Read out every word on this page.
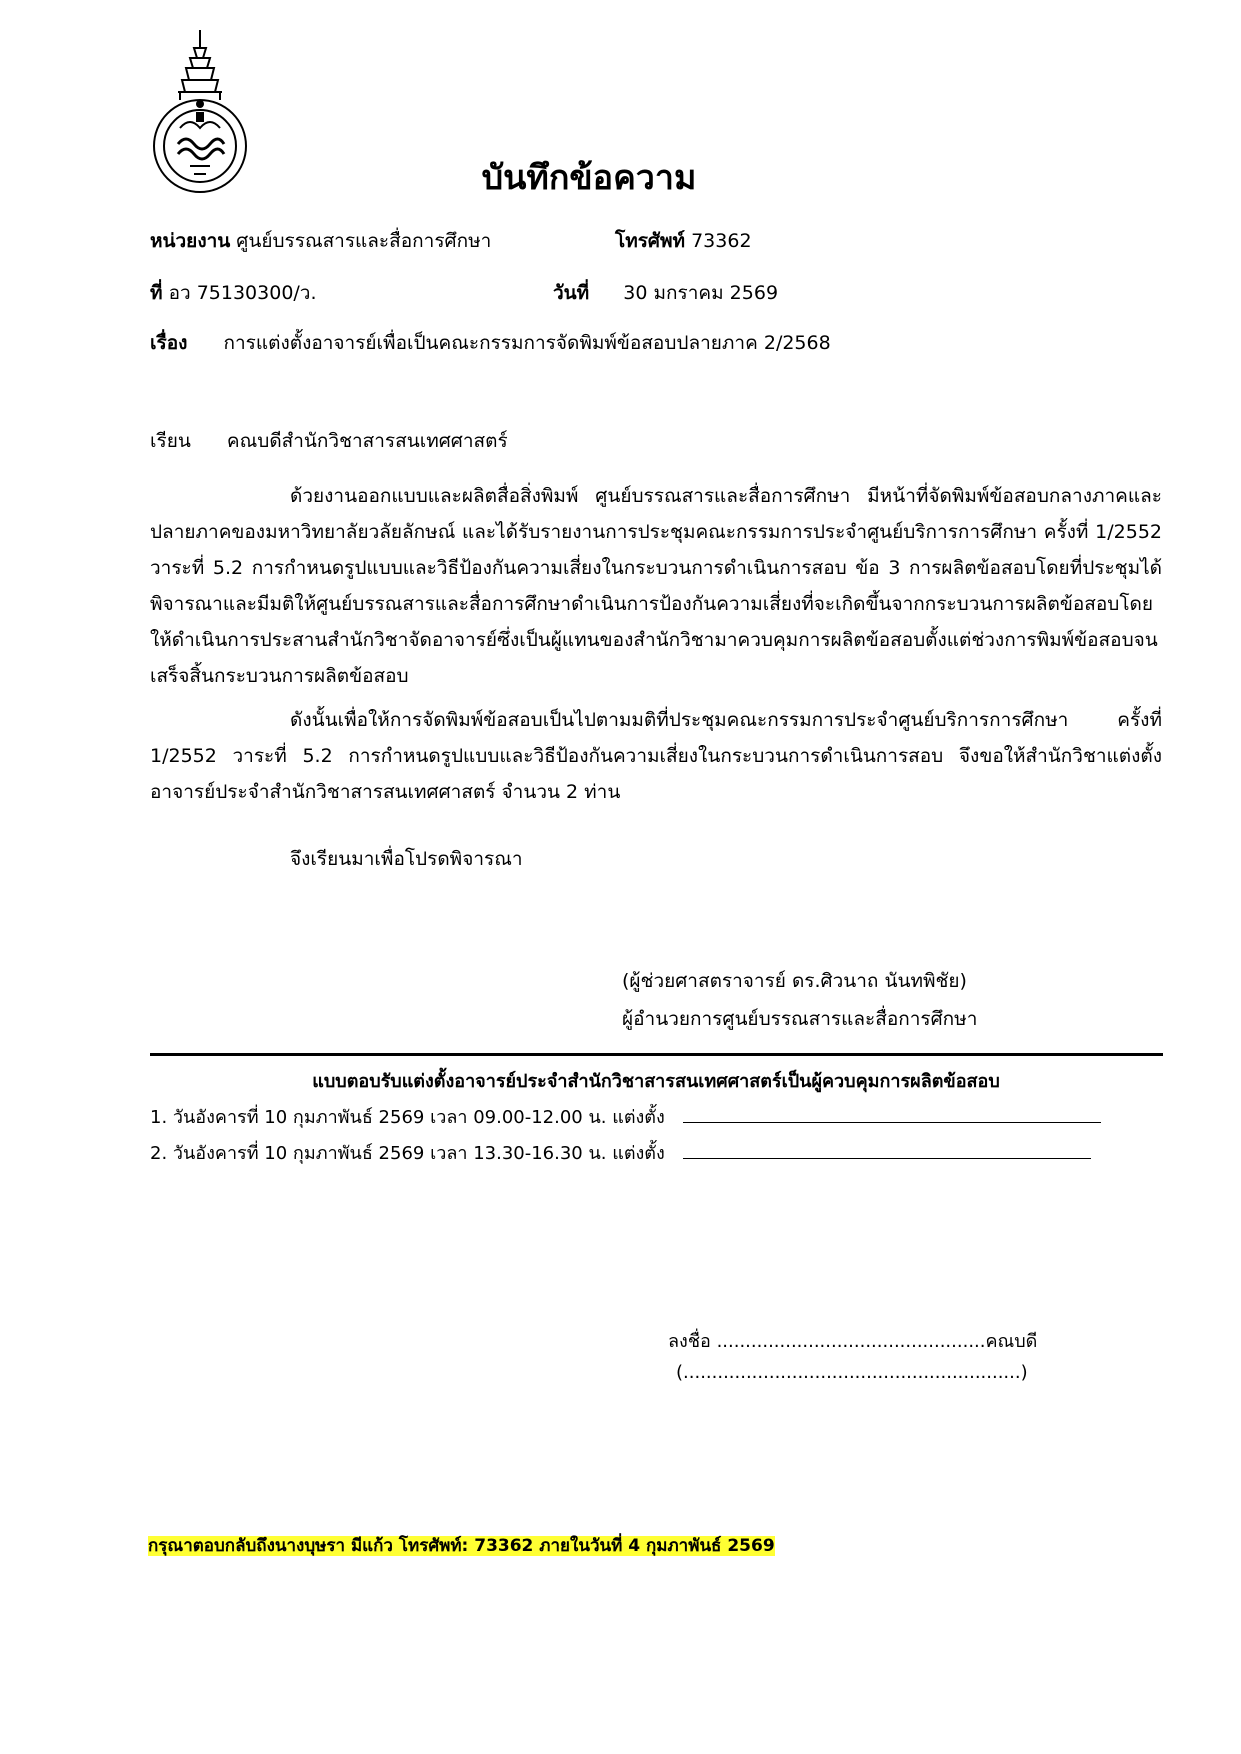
บันทึกข้อความ
หน่วยงาน ศูนย์บรรณสารและสื่อการศึกษา	โทรศัพท์ 73362
ที่ อว 75130300/ว.	วันที่ 30 มกราคม 2569
เรื่อง การแต่งตั้งอาจารย์เพื่อเป็นคณะกรรมการจัดพิมพ์ข้อสอบปลายภาค 2/2568
เรียน คณบดีสำนักวิชาสารสนเทศศาสตร์
ด้วยงานออกแบบและผลิตสื่อสิ่งพิมพ์ ศูนย์บรรณสารและสื่อการศึกษา มีหน้าที่จัดพิมพ์ข้อสอบกลางภาคและปลายภาคของมหาวิทยาลัยวลัยลักษณ์ และได้รับรายงานการประชุมคณะกรรมการประจำศูนย์บริการการศึกษา ครั้งที่ 1/2552 วาระที่ 5.2 การกำหนดรูปแบบและวิธีป้องกันความเสี่ยงในกระบวนการดำเนินการสอบ ข้อ 3 การผลิตข้อสอบโดยที่ประชุมได้พิจารณาและมีมติให้ศูนย์บรรณสารและสื่อการศึกษาดำเนินการป้องกันความเสี่ยงที่จะเกิดขึ้นจากกระบวนการผลิตข้อสอบโดยให้ดำเนินการประสานสำนักวิชาจัดอาจารย์ซึ่งเป็นผู้แทนของสำนักวิชามาควบคุมการผลิตข้อสอบตั้งแต่ช่วงการพิมพ์ข้อสอบจนเสร็จสิ้นกระบวนการผลิตข้อสอบ
ดังนั้นเพื่อให้การจัดพิมพ์ข้อสอบเป็นไปตามมติที่ประชุมคณะกรรมการประจำศูนย์บริการการศึกษา ครั้งที่ 1/2552 วาระที่ 5.2 การกำหนดรูปแบบและวิธีป้องกันความเสี่ยงในกระบวนการดำเนินการสอบ จึงขอให้สำนักวิชาแต่งตั้งอาจารย์ประจำสำนักวิชาสารสนเทศศาสตร์ จำนวน 2 ท่าน
จึงเรียนมาเพื่อโปรดพิจารณา
(ผู้ช่วยศาสตราจารย์ ดร.ศิวนาถ นันทพิชัย)
ผู้อำนวยการศูนย์บรรณสารและสื่อการศึกษา
แบบตอบรับแต่งตั้งอาจารย์ประจำสำนักวิชาสารสนเทศศาสตร์เป็นผู้ควบคุมการผลิตข้อสอบ
1. วันอังคารที่ 10 กุมภาพันธ์ 2569 เวลา 09.00-12.00 น. แต่งตั้ง
2. วันอังคารที่ 10 กุมภาพันธ์ 2569 เวลา 13.30-16.30 น. แต่งตั้ง
ลงชื่อ ...............................................คณบดี
(...........................................................)
กรุณาตอบกลับถึงนางบุษรา มีแก้ว โทรศัพท์: 73362 ภายในวันที่ 4 กุมภาพันธ์ 2569
